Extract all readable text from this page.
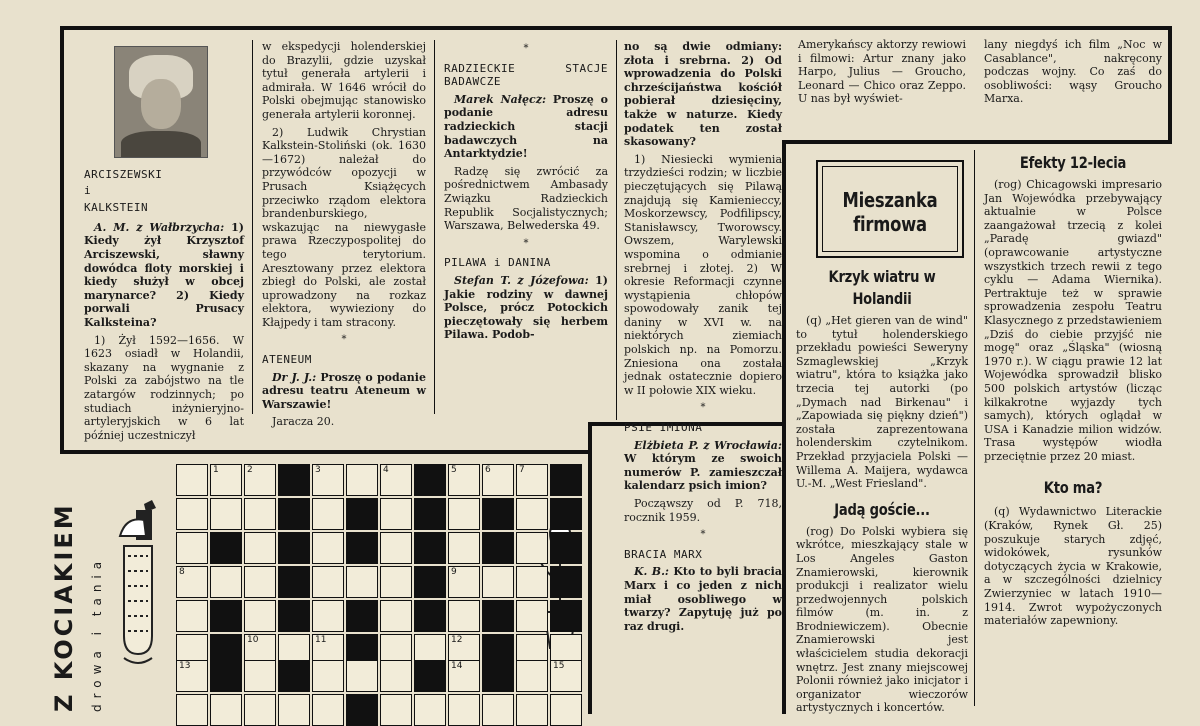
ARCISZEWSKI
i
KALKSTEIN

A. M. z Wałbrzycha: 1) Kiedy żył Krzysztof Arciszewski, sławny dowódca floty morskiej i kiedy służył w obcej marynarce? 2) Kiedy porwali Prusacy Kalksteina?

1) Żył 1592—1656. W 1623 osiadł w Holandii, skazany na wygnanie z Polski za zabójstwo na tle zatargów rodzinnych; po studiach inżynieryjno-artyleryjskich w 6 lat później uczestniczył

w ekspedycji holenderskiej do Brazylii, gdzie uzyskał tytuł generała artylerii i admirała. W 1646 wrócił do Polski obejmując stanowisko generała artylerii koronnej.

2) Ludwik Chrystian Kalkstein-Stoliński (ok. 1630—1672) należał do przywódców opozycji w Prusach Książęcych przeciwko rządom elektora brandenburskiego, wskazując na niewygasłe prawa Rzeczypospolitej do tego terytorium. Aresztowany przez elektora zbiegł do Polski, ale został uprowadzony na rozkaz elektora, wywieziony do Kłajpedy i tam stracony.

*
ATENEUM

Dr J. J.: Proszę o podanie adresu teatru Ateneum w Warszawie!

Jaracza 20.

*
RADZIECKIE STACJE BADAWCZE

Marek Nałęcz: Proszę o podanie adresu radzieckich stacji badawczych na Antarktydzie!

Radzę się zwrócić za pośrednictwem Ambasady Związku Radzieckich Republik Socjalistycznych; Warszawa, Belwederska 49.

*
PILAWA i DANINA

Stefan T. z Józefowa: 1) Jakie rodziny w dawnej Polsce, prócz Potockich pieczętowały się herbem Pilawa. Podob-

no są dwie odmiany: złota i srebrna. 2) Od wprowadzenia do Polski chrześcijaństwa kościół pobierał dziesięciny, także w naturze. Kiedy podatek ten został skasowany?

1) Niesiecki wymienia trzydzieści rodzin; w liczbie pieczętujących się Pilawą znajdują się Kamienieccy, Moskorzewscy, Podfilipscy, Stanisławscy, Tworowscy. Owszem, Warylewski wspomina o odmianie srebrnej i złotej. 2) W okresie Reformacji czynne wystąpienia chłopów spowodowały zanik tej daniny w XVI w. na niektórych ziemiach polskich np. na Pomorzu. Zniesiona ona została jednak ostatecznie dopiero w II połowie XIX wieku.

*
PSIE IMIONA

Elżbieta P. z Wrocławia: W którym ze swoich numerów P. zamieszczał kalendarz psich imion?

Począwszy od P. 718, rocznik 1959.

*
BRACIA MARX

K. B.: Kto to byli bracia Marx i co jeden z nich miał osobliwego w twarzy? Zapytuję już po raz drugi.

Amerykańscy aktorzy rewiowi i filmowi: Artur znany jako Harpo, Julius — Groucho, Leonard — Chico oraz Zeppo. U nas był wyświet-

lany niegdyś ich film „Noc w Casablance", nakręcony podczas wojny. Co zaś do osobliwości: wąsy Groucho Marxa.

Mieszanka firmowa
Krzyk wiatru w Holandii

(q) „Het gieren van de wind" to tytuł holenderskiego przekładu powieści Seweryny Szmaglewskiej „Krzyk wiatru", która to książka jako trzecia tej autorki (po „Dymach nad Birkenau" i „Zapowiada się piękny dzień") została zaprezentowana holenderskim czytelnikom. Przekład przyjaciela Polski — Willema A. Maijera, wydawca U.-M. „West Friesland".

Jadą goście...

(rog) Do Polski wybiera się wkrótce, mieszkający stale w Los Angeles Gaston Znamierowski, kierownik produkcji i realizator wielu przedwojennych polskich filmów (m. in. z Brodniewiczem). Obecnie Znamierowski jest właścicielem studia dekoracji wnętrz. Jest znany miejscowej Polonii również jako inicjator i organizator wieczorów artystycznych i koncertów.

Efekty 12-lecia

(rog) Chicagowski impresario Jan Wojewódka przebywający aktualnie w Polsce zaangażował trzecią z kolei „Paradę gwiazd" (oprawcowanie artystyczne wszystkich trzech rewii z tego cyklu — Adama Wiernika). Pertraktuje też w sprawie sprowadzenia zespołu Teatru Klasycznego z przedstawieniem „Dziś do ciebie przyjść nie mogę" oraz „Śląska" (wiosną 1970 r.). W ciągu prawie 12 lat Wojewódka sprowadził blisko 500 polskich artystów (licząc kilkakrotne wyjazdy tych samych), których oglądał w USA i Kanadzie milion widzów. Trasa występów wiodła przeciętnie przez 20 miast.

Kto ma?

(q) Wydawnictwo Literackie (Kraków, Rynek Gł. 25) poszukuje starych zdjęć, widokówek, rysunków dotyczących życia w Krakowie, a w szczególności dzielnicy Zwierzyniec w latach 1910—1914. Zwrot wypożyczonych materiałów zapewniony.

Z KOCIAKIEM	drowa i tania
1	2	3	4	5	6	7
8	9
10	11	12
13	14	15
